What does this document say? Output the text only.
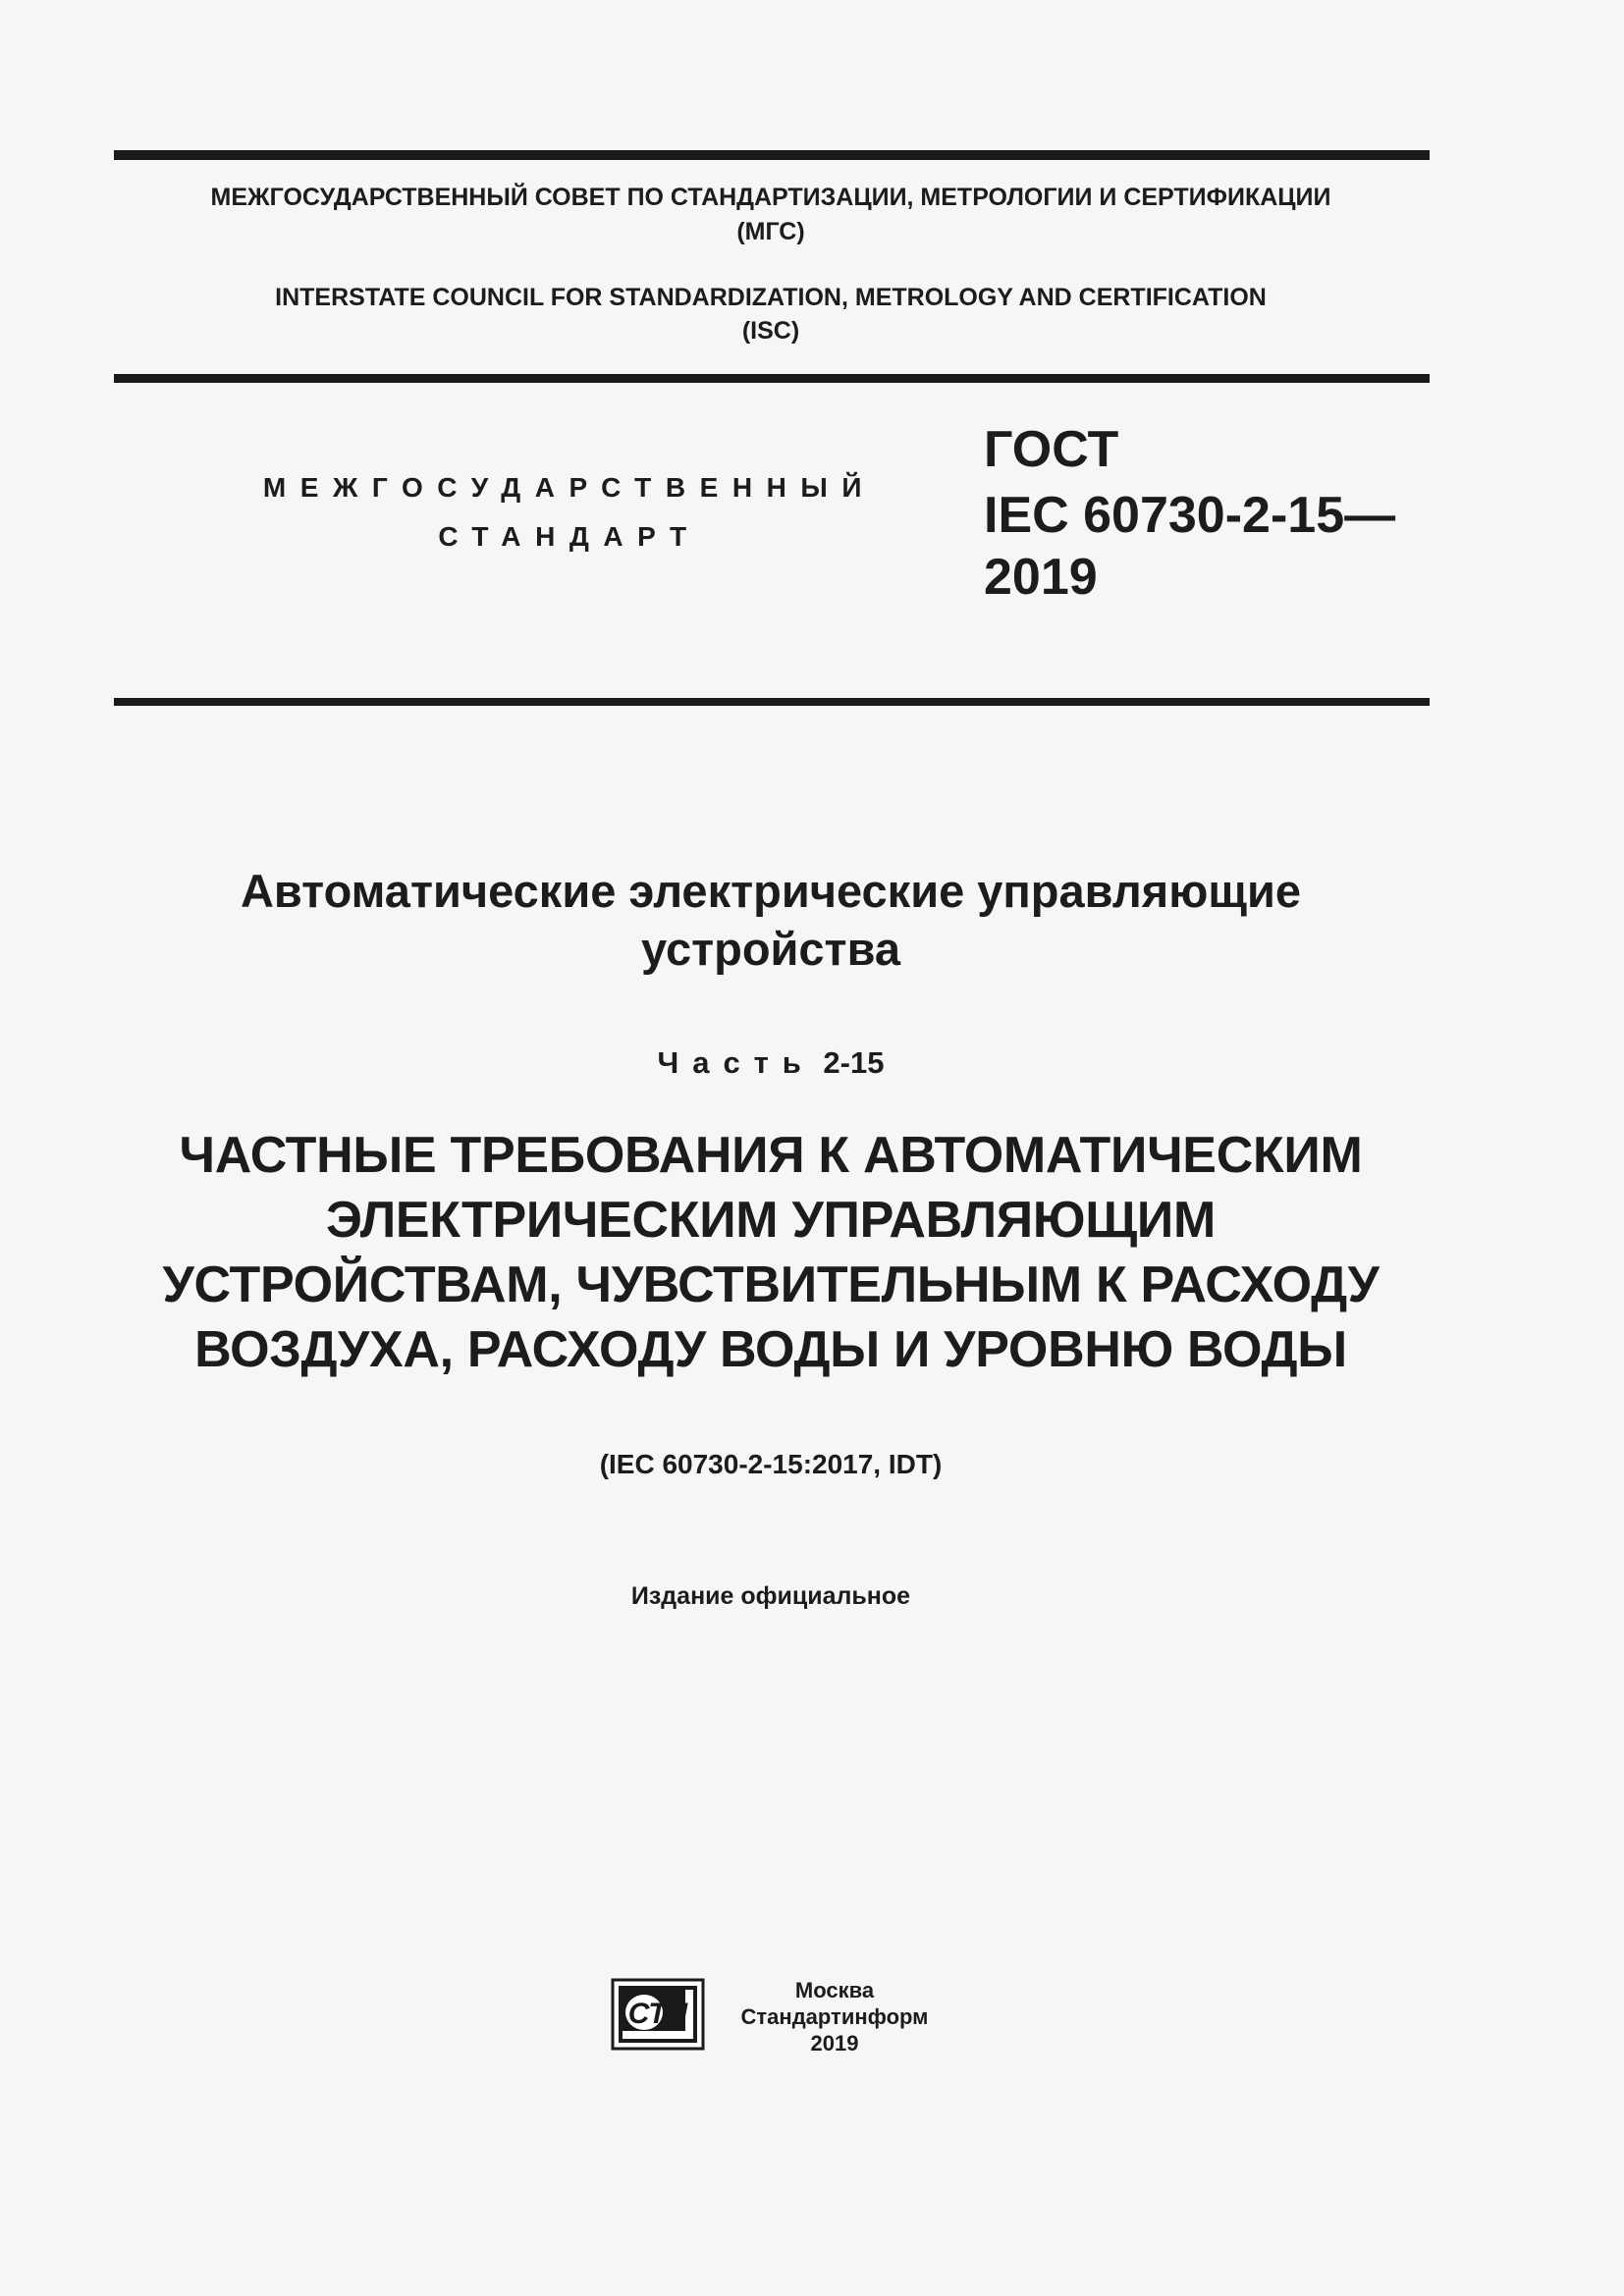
МЕЖГОСУДАРСТВЕННЫЙ СОВЕТ ПО СТАНДАРТИЗАЦИИ, МЕТРОЛОГИИ И СЕРТИФИКАЦИИ
(МГС)
INTERSTATE COUNCIL FOR STANDARDIZATION, METROLOGY AND CERTIFICATION
(ISC)
МЕЖГОСУДАРСТВЕННЫЙ
СТАНДАРТ
ГОСТ
IEC 60730-2-15—
2019
Автоматические электрические управляющие
устройства
Часть 2-15
ЧАСТНЫЕ ТРЕБОВАНИЯ К АВТОМАТИЧЕСКИМ
ЭЛЕКТРИЧЕСКИМ УПРАВЛЯЮЩИМ
УСТРОЙСТВАМ, ЧУВСТВИТЕЛЬНЫМ К РАСХОДУ
ВОЗДУХА, РАСХОДУ ВОДЫ И УРОВНЮ ВОДЫ
(IEC 60730-2-15:2017, IDT)
Издание официальное
СТИ
Москва
Стандартинформ
2019
